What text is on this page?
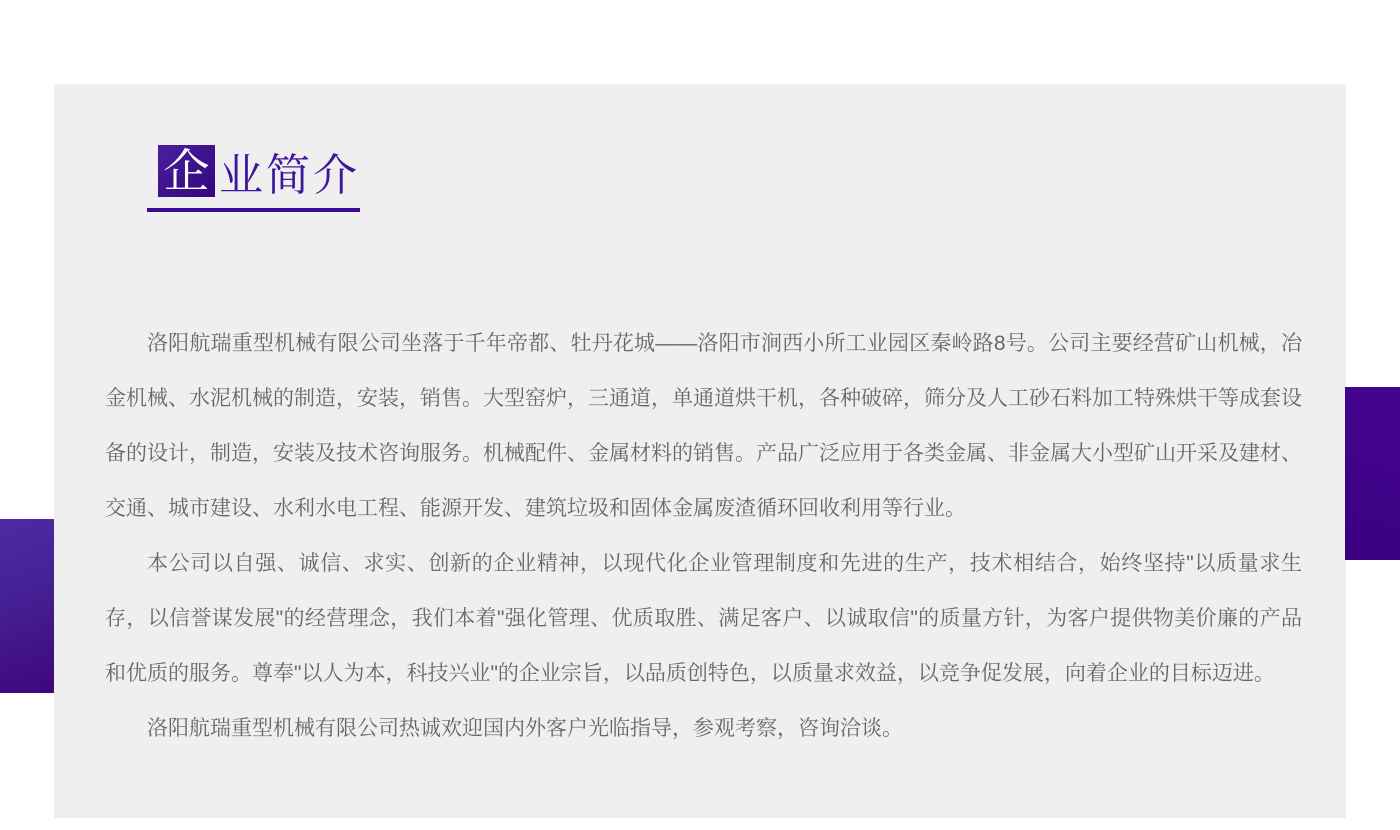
企 业简介

洛阳航瑞重型机械有限公司坐落于千年帝都、牡丹花城——洛阳市涧西小所工业园区秦岭路8号。公司主要经营矿山机械，冶金机械、水泥机械的制造，安装，销售。大型窑炉，三通道，单通道烘干机，各种破碎，筛分及人工砂石料加工特殊烘干等成套设备的设计，制造，安装及技术咨询服务。机械配件、金属材料的销售。产品广泛应用于各类金属、非金属大小型矿山开采及建材、交通、城市建设、水利水电工程、能源开发、建筑垃圾和固体金属废渣循环回收利用等行业。

本公司以自强、诚信、求实、创新的企业精神，以现代化企业管理制度和先进的生产，技术相结合，始终坚持"以质量求生存，以信誉谋发展"的经营理念，我们本着"强化管理、优质取胜、满足客户、以诚取信"的质量方针，为客户提供物美价廉的产品和优质的服务。尊奉"以人为本，科技兴业"的企业宗旨，以品质创特色，以质量求效益，以竞争促发展，向着企业的目标迈进。

洛阳航瑞重型机械有限公司热诚欢迎国内外客户光临指导，参观考察，咨询洽谈。
